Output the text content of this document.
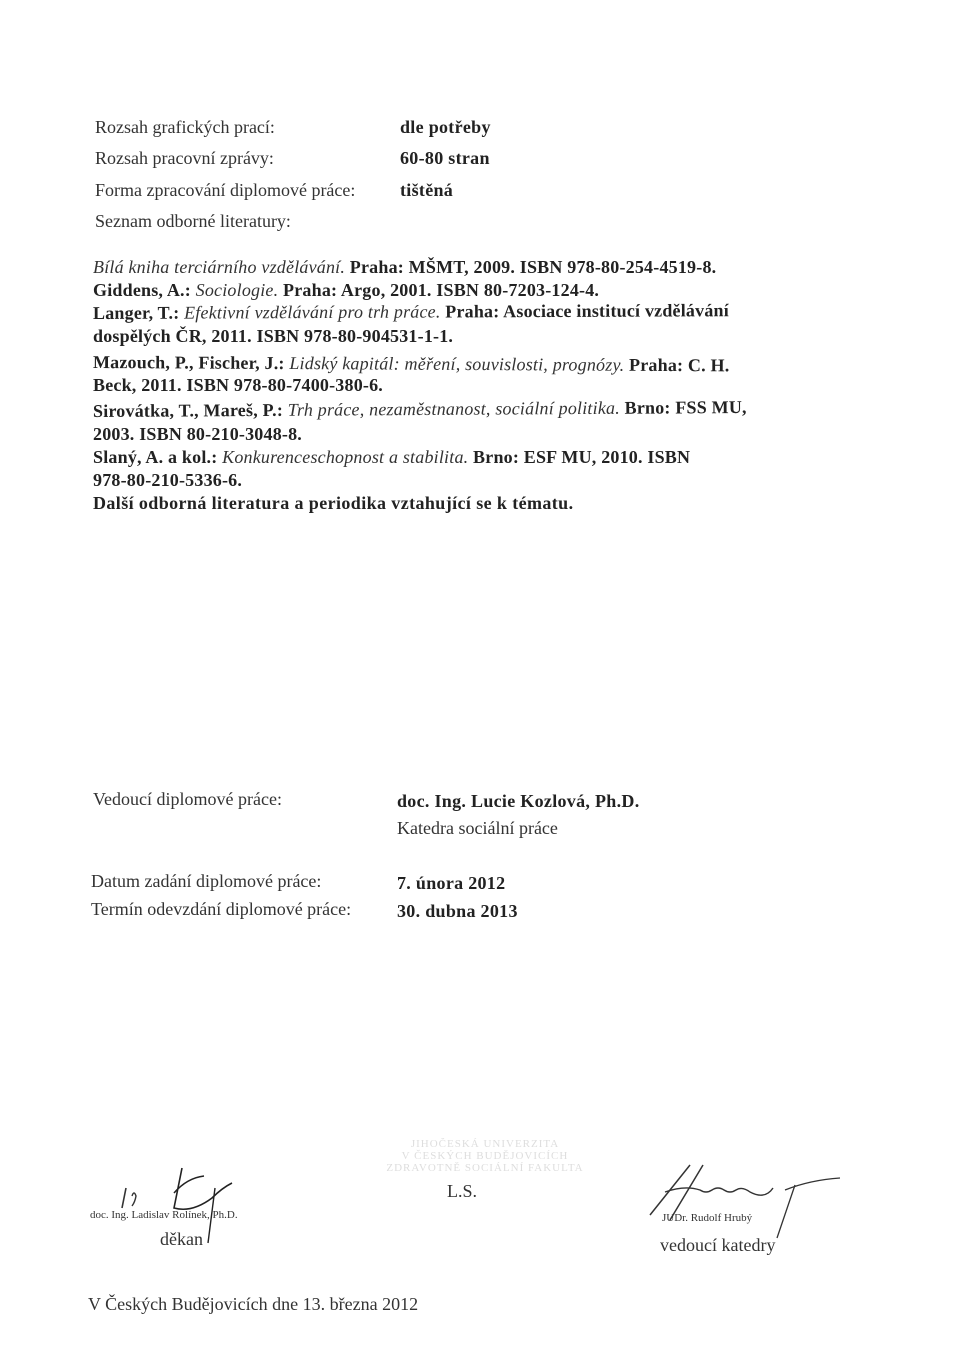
Rozsah grafických prací:	dle potřeby
Rozsah pracovní zprávy:	60-80 stran
Forma zpracování diplomové práce: tištěná
Seznam odborné literatury:
Bílá kniha terciárního vzdělávání. Praha: MŠMT, 2009. ISBN 978-80-254-4519-8.
Giddens, A.: Sociologie. Praha: Argo, 2001. ISBN 80-7203-124-4.
Langer, T.: Efektivní vzdělávání pro trh práce. Praha: Asociace institucí vzdělávání
dospělých ČR, 2011. ISBN 978-80-904531-1-1.
Mazouch, P., Fischer, J.: Lidský kapitál: měření, souvislosti, prognózy. Praha: C. H.
Beck, 2011. ISBN 978-80-7400-380-6.
Sirovátka, T., Mareš, P.: Trh práce, nezaměstnanost, sociální politika. Brno: FSS MU,
2003. ISBN 80-210-3048-8.
Slaný, A. a kol.: Konkurenceschopnost a stabilita. Brno: ESF MU, 2010. ISBN
978-80-210-5336-6.
Další odborná literatura a periodika vztahující se k tématu.
Vedoucí diplomové práce:	doc. Ing. Lucie Kozlová, Ph.D.
Katedra sociální práce
Datum zadání diplomové práce:	7. února 2012
Termín odevzdání diplomové práce:	30. dubna 2013
JIHOČESKÁ UNIVERZITA
V ČESKÝCH BUDĚJOVICÍCH
ZDRAVOTNĚ SOCIÁLNÍ FAKULTA
L.S.
doc. Ing. Ladislav Rolínek, Ph.D.
děkan
JUDr. Rudolf Hrubý
vedoucí katedry
V Českých Budějovicích dne 13. března 2012
